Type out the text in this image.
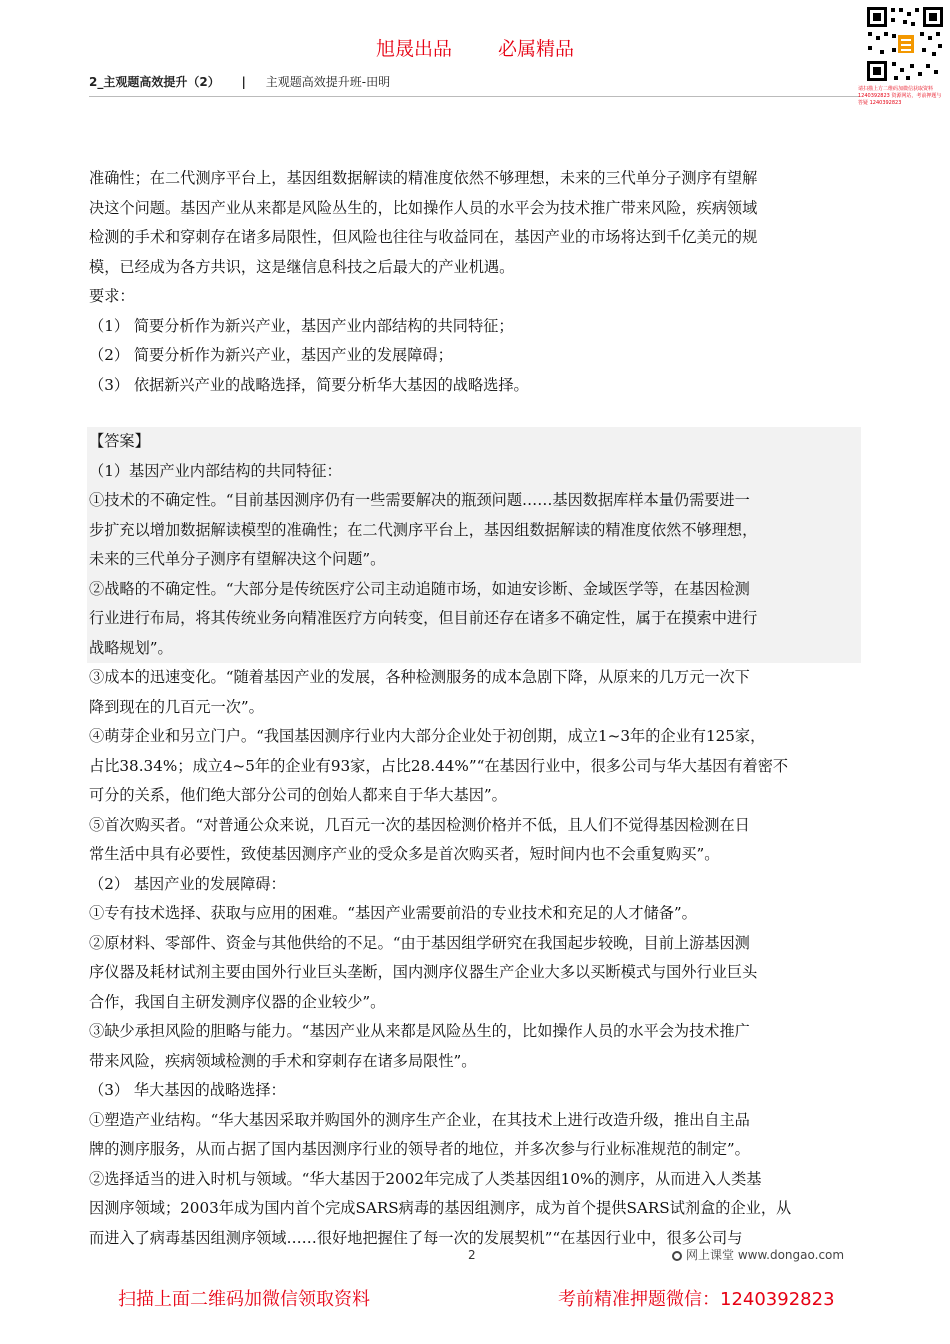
旭晟出品 必属精品
2_主观题高效提升（2） | 主观题高效提升班-田明	请扫描上方二维码加微信获取资料 1240392823 资源网站，考前押题与答疑 1240392823

准确性；在二代测序平台上，基因组数据解读的精准度依然不够理想，未来的三代单分子测序有望解

决这个问题。基因产业从来都是风险丛生的，比如操作人员的水平会为技术推广带来风险，疾病领域

检测的手术和穿刺存在诸多局限性，但风险也往往与收益同在，基因产业的市场将达到千亿美元的规

模，已经成为各方共识，这是继信息科技之后最大的产业机遇。

要求：

（1） 简要分析作为新兴产业，基因产业内部结构的共同特征；

（2） 简要分析作为新兴产业，基因产业的发展障碍；

（3） 依据新兴产业的战略选择，简要分析华大基因的战略选择。

【答案】

（1）基因产业内部结构的共同特征：

①技术的不确定性。“目前基因测序仍有一些需要解决的瓶颈问题……基因数据库样本量仍需要进一

步扩充以增加数据解读模型的准确性；在二代测序平台上，基因组数据解读的精准度依然不够理想，

未来的三代单分子测序有望解决这个问题”。

②战略的不确定性。“大部分是传统医疗公司主动追随市场，如迪安诊断、金域医学等，在基因检测

行业进行布局，将其传统业务向精准医疗方向转变，但目前还存在诸多不确定性，属于在摸索中进行

战略规划”。

③成本的迅速变化。“随着基因产业的发展，各种检测服务的成本急剧下降，从原来的几万元一次下

降到现在的几百元一次”。

④萌芽企业和另立门户。“我国基因测序行业内大部分企业处于初创期，成立1~3年的企业有125家，

占比38.34%；成立4~5年的企业有93家，占比28.44%”“在基因行业中，很多公司与华大基因有着密不

可分的关系，他们绝大部分公司的创始人都来自于华大基因”。

⑤首次购买者。“对普通公众来说，几百元一次的基因检测价格并不低，且人们不觉得基因检测在日

常生活中具有必要性，致使基因测序产业的受众多是首次购买者，短时间内也不会重复购买”。

（2） 基因产业的发展障碍：

①专有技术选择、获取与应用的困难。“基因产业需要前沿的专业技术和充足的人才储备”。

②原材料、零部件、资金与其他供给的不足。“由于基因组学研究在我国起步较晚，目前上游基因测

序仪器及耗材试剂主要由国外行业巨头垄断，国内测序仪器生产企业大多以买断模式与国外行业巨头

合作，我国自主研发测序仪器的企业较少”。

③缺少承担风险的胆略与能力。“基因产业从来都是风险丛生的，比如操作人员的水平会为技术推广

带来风险，疾病领域检测的手术和穿刺存在诸多局限性”。

（3） 华大基因的战略选择：

①塑造产业结构。“华大基因采取并购国外的测序生产企业，在其技术上进行改造升级，推出自主品

牌的测序服务，从而占据了国内基因测序行业的领导者的地位，并多次参与行业标准规范的制定”。

②选择适当的进入时机与领域。“华大基因于2002年完成了人类基因组10%的测序，从而进入人类基

因测序领域；2003年成为国内首个完成SARS病毒的基因组测序，成为首个提供SARS试剂盒的企业，从

而进入了病毒基因组测序领域……很好地把握住了每一次的发展契机”“在基因行业中，很多公司与

2	网上课堂 www.dongao.com
扫描上面二维码加微信领取资料	考前精准押题微信：1240392823
